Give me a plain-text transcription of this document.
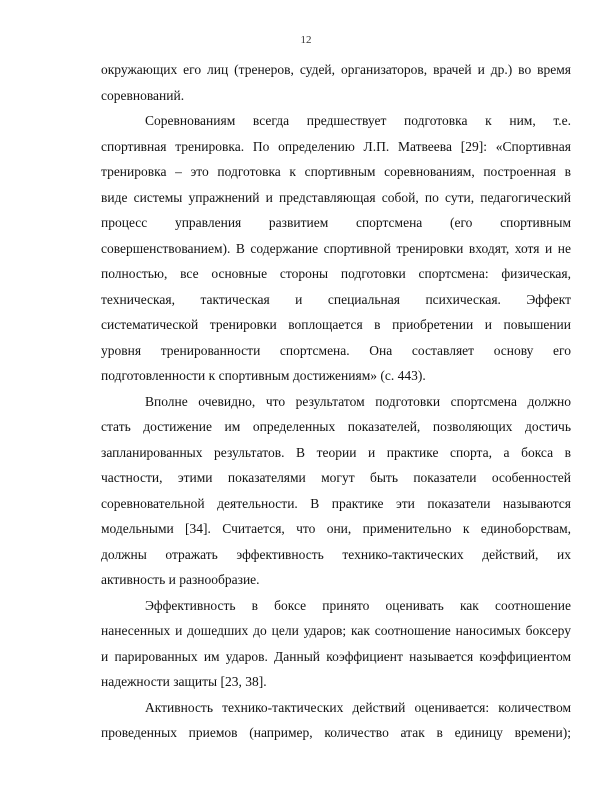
12
окружающих его лиц (тренеров, судей, организаторов, врачей и др.) во время
соревнований.
Соревнованиям всегда предшествует подготовка к ним, т.е.
спортивная тренировка. По определению Л.П. Матвеева [29]: «Спортивная
тренировка – это подготовка к спортивным соревнованиям, построенная в
виде системы упражнений и представляющая собой, по сути, педагогический
процесс управления развитием спортсмена (его спортивным
совершенствованием). В содержание спортивной тренировки входят, хотя и не
полностью, все основные стороны подготовки спортсмена: физическая,
техническая, тактическая и специальная психическая. Эффект
систематической тренировки воплощается в приобретении и повышении
уровня тренированности спортсмена. Она составляет основу его
подготовленности к спортивным достижениям» (с. 443).
Вполне очевидно, что результатом подготовки спортсмена должно
стать достижение им определенных показателей, позволяющих достичь
запланированных результатов. В теории и практике спорта, а бокса в
частности, этими показателями могут быть показатели особенностей
соревновательной деятельности. В практике эти показатели называются
модельными [34]. Считается, что они, применительно к единоборствам,
должны отражать эффективность технико-тактических действий, их
активность и разнообразие.
Эффективность в боксе принято оценивать как соотношение
нанесенных и дошедших до цели ударов; как соотношение наносимых боксеру
и парированных им ударов. Данный коэффициент называется коэффициентом
надежности защиты [23, 38].
Активность технико-тактических действий оценивается: количеством
проведенных приемов (например, количество атак в единицу времени);
